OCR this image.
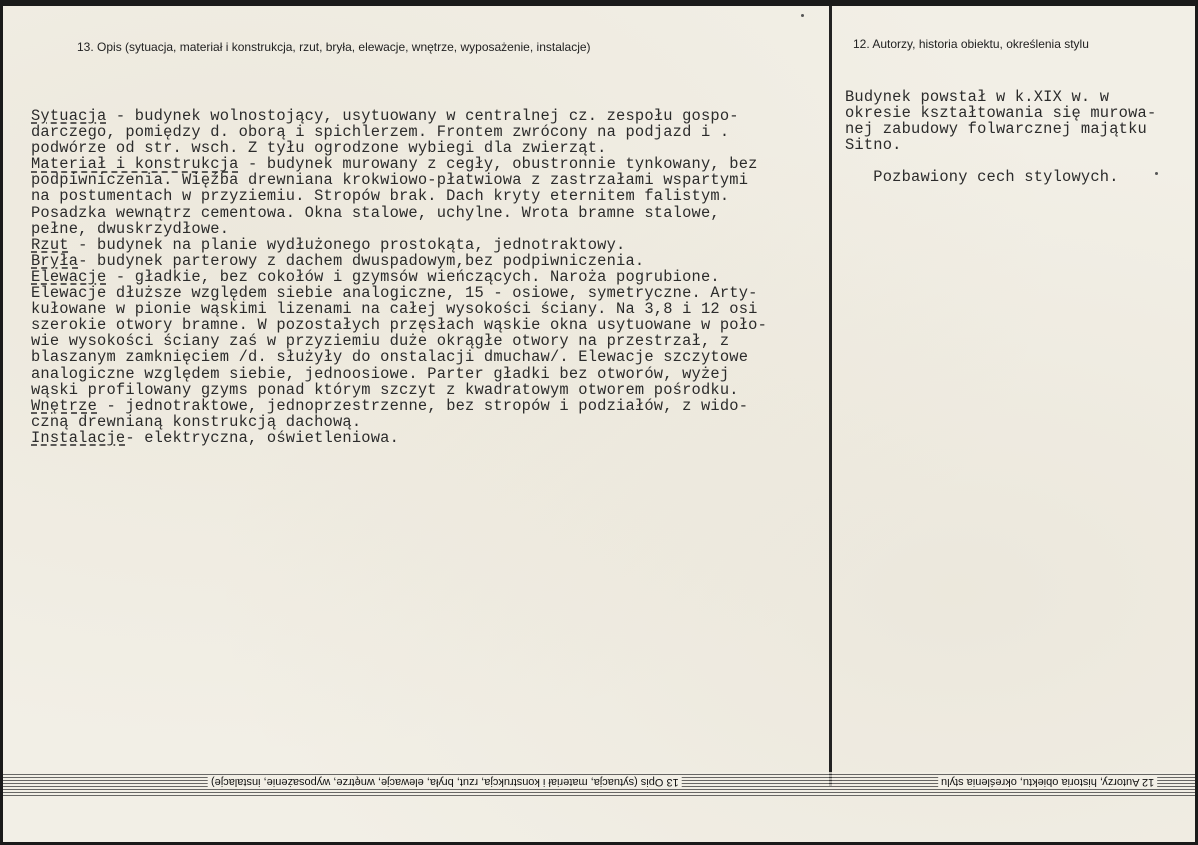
13. Opis (sytuacja, materiał i konstrukcja, rzut, bryła, elewacje, wnętrze, wyposażenie, instalacje)	12. Autorzy, historia obiektu, określenia stylu
Sytuacja - budynek wolnostojący, usytuowany w centralnej cz. zespołu gospo-
darczego, pomiędzy d. oborą i spichlerzem. Frontem zwrócony na podjazd i .
podwórze od str. wsch. Z tyłu ogrodzone wybiegi dla zwierząt.
Materiał i konstrukcja - budynek murowany z cegły, obustronnie tynkowany, bez
podpiwniczenia. Więźba drewniana krokwiowo-płatwiowa z zastrzałami wspartymi
na postumentach w przyziemiu. Stropów brak. Dach kryty eternitem falistym.
Posadzka wewnątrz cementowa. Okna stalowe, uchylne. Wrota bramne stalowe,
pełne, dwuskrzydłowe.
Rzut - budynek na planie wydłużonego prostokąta, jednotraktowy.
Bryła- budynek parterowy z dachem dwuspadowym,bez podpiwniczenia.
Elewacje - gładkie, bez cokołów i gzymsów wieńczących. Naroża pogrubione.
Elewacje dłuższe względem siebie analogiczne, 15 - osiowe, symetryczne. Arty-
kułowane w pionie wąskimi lizenami na całej wysokości ściany. Na 3,8 i 12 osi
szerokie otwory bramne. W pozostałych przęsłach wąskie okna usytuowane w poło-
wie wysokości ściany zaś w przyziemiu duże okrągłe otwory na przestrzał, z
blaszanym zamknięciem /d. służyły do onstalacji dmuchaw/. Elewacje szczytowe
analogiczne względem siebie, jednoosiowe. Parter gładki bez otworów, wyżej
wąski profilowany gzyms ponad którym szczyt z kwadratowym otworem pośrodku.
Wnętrze - jednotraktowe, jednoprzestrzenne, bez stropów i podziałów, z wido-
czną drewnianą konstrukcją dachową.
Instalacje- elektryczna, oświetleniowa.
Budynek powstał w k.XIX w. w
okresie kształtowania się murowa-
nej zabudowy folwarcznej majątku
Sitno.

Pozbawiony cech stylowych.
13 Opis (sytuacja, materiał i konstrukcja, rzut, bryła, elewacje, wnętrze, wyposażenie, instalacje)	12 Autorzy, historia obiektu, określenia stylu
